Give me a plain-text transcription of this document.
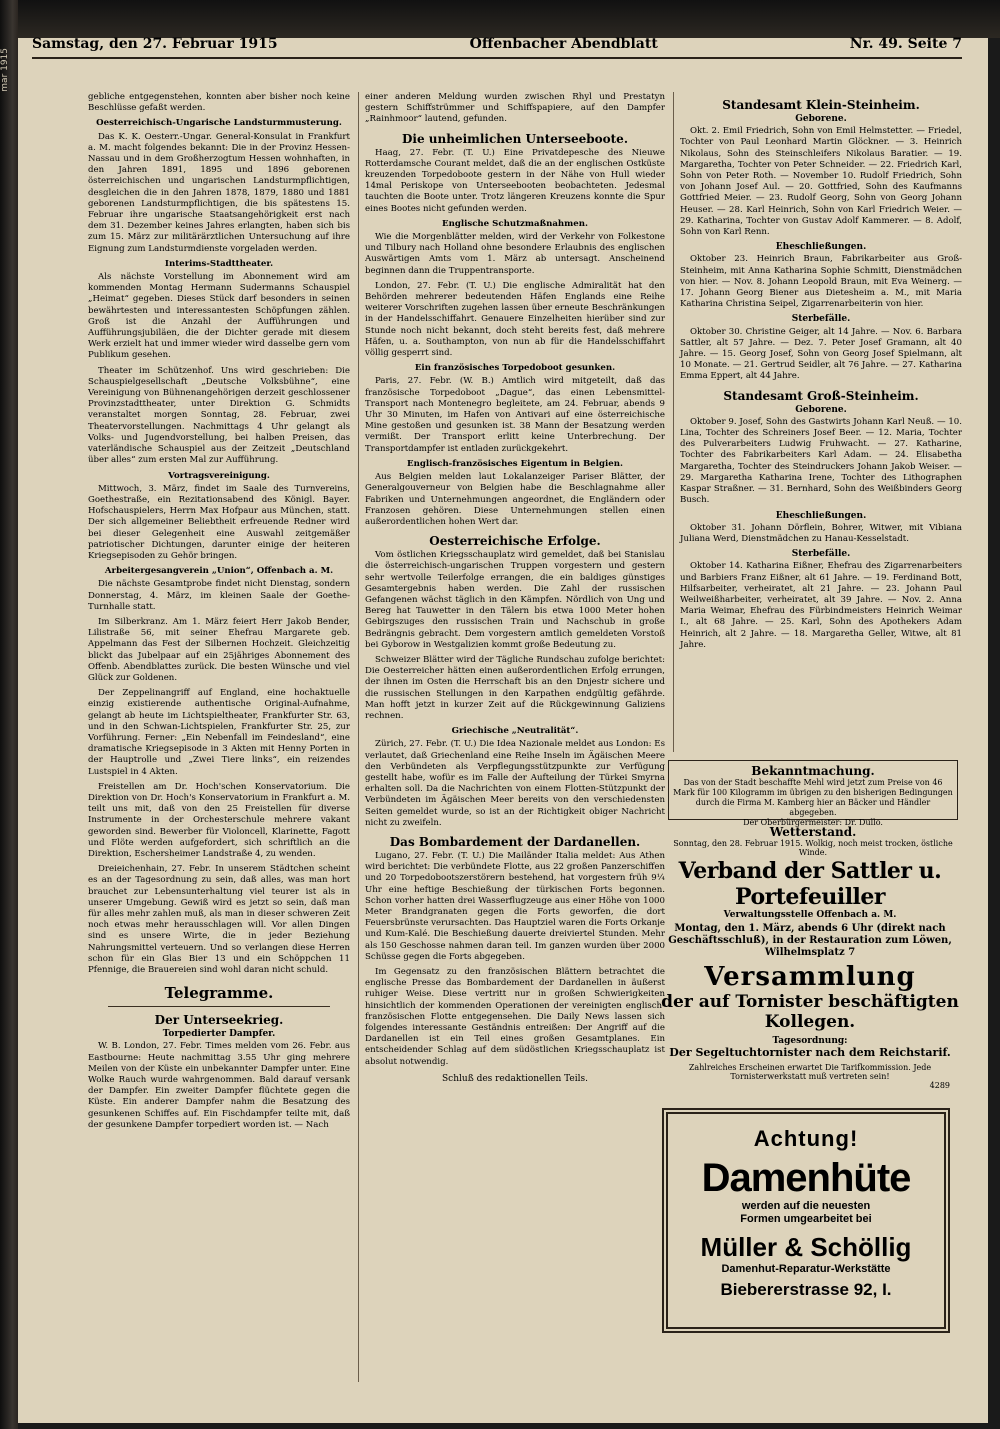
mar 1915
Samstag, den 27. Februar 1915	Offenbacher Abendblatt	Nr. 49. Seite 7

gebliche entgegenstehen, konnten aber bisher noch keine Beschlüsse gefaßt werden.

Oesterreichisch-Ungarische Landsturmmusterung.

Das K. K. Oesterr.-Ungar. General-Konsulat in Frankfurt a. M. macht folgendes bekannt: Die in der Provinz Hessen-Nassau und in dem Großherzogtum Hessen wohnhaften, in den Jahren 1891, 1895 und 1896 geborenen österreichischen und ungarischen Landsturmpflichtigen, desgleichen die in den Jahren 1878, 1879, 1880 und 1881 geborenen Landsturmpflichtigen, die bis spätestens 15. Februar ihre ungarische Staatsangehörigkeit erst nach dem 31. Dezember keines Jahres erlangten, haben sich bis zum 15. März zur militärärztlichen Untersuchung auf ihre Eignung zum Landsturmdienste vorgeladen werden.

Interims-Stadttheater.

Als nächste Vorstellung im Abonnement wird am kommenden Montag Hermann Sudermanns Schauspiel „Heimat“ gegeben. Dieses Stück darf besonders in seinen bewährtesten und interessantesten Schöpfungen zählen. Groß ist die Anzahl der Aufführungen und Aufführungsjubiläen, die der Dichter gerade mit diesem Werk erzielt hat und immer wieder wird dasselbe gern vom Publikum gesehen.

Theater im Schützenhof. Uns wird geschrieben: Die Schauspielgesellschaft „Deutsche Volksbühne“, eine Vereinigung von Bühnenangehörigen derzeit geschlossener Provinzstadttheater, unter Direktion G. Schmidts veranstaltet morgen Sonntag, 28. Februar, zwei Theatervorstellungen. Nachmittags 4 Uhr gelangt als Volks- und Jugendvorstellung, bei halben Preisen, das vaterländische Schauspiel aus der Zeitzeit „Deutschland über alles“ zum ersten Mal zur Aufführung.

Vortragsvereinigung.

Mittwoch, 3. März, findet im Saale des Turnvereins, Goethestraße, ein Rezitationsabend des Königl. Bayer. Hofschauspielers, Herrn Max Hofpaur aus München, statt. Der sich allgemeiner Beliebtheit erfreuende Redner wird bei dieser Gelegenheit eine Auswahl zeitgemäßer patriotischer Dichtungen, darunter einige der heiteren Kriegsepisoden zu Gehör bringen.

Arbeitergesangverein „Union“, Offenbach a. M.

Die nächste Gesamtprobe findet nicht Dienstag, sondern Donnerstag, 4. März, im kleinen Saale der Goethe-Turnhalle statt.

Im Silberkranz. Am 1. März feiert Herr Jakob Bender, Lilistraße 56, mit seiner Ehefrau Margarete geb. Appelmann das Fest der Silbernen Hochzeit. Gleichzeitig blickt das Jubelpaar auf ein 25jähriges Abonnement des Offenb. Abendblattes zurück. Die besten Wünsche und viel Glück zur Goldenen.

Der Zeppelinangriff auf England, eine hochaktuelle einzig existierende authentische Original-Aufnahme, gelangt ab heute im Lichtspieltheater, Frankfurter Str. 63, und in den Schwan-Lichtspielen, Frankfurter Str. 25, zur Vorführung. Ferner: „Ein Nebenfall im Feindesland“, eine dramatische Kriegsepisode in 3 Akten mit Henny Porten in der Hauptrolle und „Zwei Tiere links“, ein reizendes Lustspiel in 4 Akten.

Freistellen am Dr. Hoch'schen Konservatorium. Die Direktion von Dr. Hoch's Konservatorium in Frankfurt a. M. teilt uns mit, daß von den 25 Freistellen für diverse Instrumente in der Orchesterschule mehrere vakant geworden sind. Bewerber für Violoncell, Klarinette, Fagott und Flöte werden aufgefordert, sich schriftlich an die Direktion, Eschersheimer Landstraße 4, zu wenden.

Dreieichenhain, 27. Febr. In unserem Städtchen scheint es an der Tagesordnung zu sein, daß alles, was man hort brauchet zur Lebensunterhaltung viel teurer ist als in unserer Umgebung. Gewiß wird es jetzt so sein, daß man für alles mehr zahlen muß, als man in dieser schweren Zeit noch etwas mehr herausschlagen will. Vor allen Dingen sind es unsere Wirte, die in jeder Beziehung Nahrungsmittel verteuern. Und so verlangen diese Herren schon für ein Glas Bier 13 und ein Schöppchen 11 Pfennige, die Brauereien sind wohl daran nicht schuld.

Telegramme.
Der Unterseekrieg.
Torpedierter Dampfer.

W. B. London, 27. Febr. Times melden vom 26. Febr. aus Eastbourne: Heute nachmittag 3.55 Uhr ging mehrere Meilen von der Küste ein unbekannter Dampfer unter. Eine Wolke Rauch wurde wahrgenommen. Bald darauf versank der Dampfer. Ein zweiter Dampfer flüchtete gegen die Küste. Ein anderer Dampfer nahm die Besatzung des gesunkenen Schiffes auf. Ein Fischdampfer teilte mit, daß der gesunkene Dampfer torpediert worden ist. — Nach

einer anderen Meldung wurden zwischen Rhyl und Prestatyn gestern Schiffstrümmer und Schiffspapiere, auf den Dampfer „Rainhmoor“ lautend, gefunden.

Die unheimlichen Unterseeboote.

Haag, 27. Febr. (T. U.) Eine Privatdepesche des Nieuwe Rotterdamsche Courant meldet, daß die an der englischen Ostküste kreuzenden Torpedoboote gestern in der Nähe von Hull wieder 14mal Periskope von Unterseebooten beobachteten. Jedesmal tauchten die Boote unter. Trotz längeren Kreuzens konnte die Spur eines Bootes nicht gefunden werden.

Englische Schutzmaßnahmen.

Wie die Morgenblätter melden, wird der Verkehr von Folkestone und Tilbury nach Holland ohne besondere Erlaubnis des englischen Auswärtigen Amts vom 1. März ab untersagt. Anscheinend beginnen dann die Truppentransporte.

London, 27. Febr. (T. U.) Die englische Admiralität hat den Behörden mehrerer bedeutenden Häfen Englands eine Reihe weiterer Vorschriften zugehen lassen über erneute Beschränkungen in der Handelsschiffahrt. Genauere Einzelheiten hierüber sind zur Stunde noch nicht bekannt, doch steht bereits fest, daß mehrere Häfen, u. a. Southampton, von nun ab für die Handelsschiffahrt völlig gesperrt sind.

Ein französisches Torpedoboot gesunken.

Paris, 27. Febr. (W. B.) Amtlich wird mitgeteilt, daß das französische Torpedoboot „Dague“, das einen Lebensmittel-Transport nach Montenegro begleitete, am 24. Februar, abends 9 Uhr 30 Minuten, im Hafen von Antivari auf eine österreichische Mine gestoßen und gesunken ist. 38 Mann der Besatzung werden vermißt. Der Transport erlitt keine Unterbrechung. Der Transportdampfer ist entladen zurückgekehrt.

Englisch-französisches Eigentum in Belgien.

Aus Belgien melden laut Lokalanzeiger Pariser Blätter, der Generalgouverneur von Belgien habe die Beschlagnahme aller Fabriken und Unternehmungen angeordnet, die Engländern oder Franzosen gehören. Diese Unternehmungen stellen einen außerordentlichen hohen Wert dar.

Oesterreichische Erfolge.

Vom östlichen Kriegsschauplatz wird gemeldet, daß bei Stanislau die österreichisch-ungarischen Truppen vorgestern und gestern sehr wertvolle Teilerfolge errangen, die ein baldiges günstiges Gesamtergebnis haben werden. Die Zahl der russischen Gefangenen wächst täglich in den Kämpfen. Nördlich von Ung und Bereg hat Tauwetter in den Tälern bis etwa 1000 Meter hohen Gebirgszuges den russischen Train und Nachschub in große Bedrängnis gebracht. Dem vorgestern amtlich gemeldeten Vorstoß bei Gyborow in Westgalizien kommt große Bedeutung zu.

Schweizer Blätter wird der Tägliche Rundschau zufolge berichtet: Die Oesterreicher hätten einen außerordentlichen Erfolg errungen, der ihnen im Osten die Herrschaft bis an den Dnjestr sichere und die russischen Stellungen in den Karpathen endgültig gefährde. Man hofft jetzt in kurzer Zeit auf die Rückgewinnung Galiziens rechnen.

Griechische „Neutralität“.

Zürich, 27. Febr. (T. U.) Die Idea Nazionale meldet aus London: Es verlautet, daß Griechenland eine Reihe Inseln im Ägäischen Meere den Verbündeten als Verpflegungsstützpunkte zur Verfügung gestellt habe, wofür es im Falle der Aufteilung der Türkei Smyrna erhalten soll. Da die Nachrichten von einem Flotten-Stützpunkt der Verbündeten im Ägäischen Meer bereits von den verschiedensten Seiten gemeldet wurde, so ist an der Richtigkeit obiger Nachricht nicht zu zweifeln.

Das Bombardement der Dardanellen.

Lugano, 27. Febr. (T. U.) Die Mailänder Italia meldet: Aus Athen wird berichtet: Die verbündete Flotte, aus 22 großen Panzerschiffen und 20 Torpedobootszerstörern bestehend, hat vorgestern früh 9¼ Uhr eine heftige Beschießung der türkischen Forts begonnen. Schon vorher hatten drei Wasserflugzeuge aus einer Höhe von 1000 Meter Brandgranaten gegen die Forts geworfen, die dort Feuersbrünste verursachten. Das Hauptziel waren die Forts Orkanje und Kum-Kalé. Die Beschießung dauerte dreiviertel Stunden. Mehr als 150 Geschosse nahmen daran teil. Im ganzen wurden über 2000 Schüsse gegen die Forts abgegeben.

Im Gegensatz zu den französischen Blättern betrachtet die englische Presse das Bombardement der Dardanellen in äußerst ruhiger Weise. Diese vertritt nur in großen Schwierigkeiten hinsichtlich der kommenden Operationen der vereinigten englisch-französischen Flotte entgegensehen. Die Daily News lassen sich folgendes interessante Geständnis entreißen: Der Angriff auf die Dardanellen ist ein Teil eines großen Gesamtplanes. Ein entscheidender Schlag auf dem südöstlichen Kriegsschauplatz ist absolut notwendig.

Schluß des redaktionellen Teils.
Standesamt Klein-Steinheim.
Geborene.

Okt. 2. Emil Friedrich, Sohn von Emil Helmstetter. — Friedel, Tochter von Paul Leonhard Martin Glöckner. — 3. Heinrich Nikolaus, Sohn des Steinschleifers Nikolaus Baratier. — 19. Margaretha, Tochter von Peter Schneider. — 22. Friedrich Karl, Sohn von Peter Roth. — November 10. Rudolf Friedrich, Sohn von Johann Josef Aul. — 20. Gottfried, Sohn des Kaufmanns Gottfried Meier. — 23. Rudolf Georg, Sohn von Georg Johann Heuser. — 28. Karl Heinrich, Sohn von Karl Friedrich Weier. — 29. Katharina, Tochter von Gustav Adolf Kammerer. — 8. Adolf, Sohn von Karl Renn.

Eheschließungen.

Oktober 23. Heinrich Braun, Fabrikarbeiter aus Groß-Steinheim, mit Anna Katharina Sophie Schmitt, Dienstmädchen von hier. — Nov. 8. Johann Leopold Braun, mit Eva Weinerg. — 17. Johann Georg Biener aus Dietesheim a. M., mit Maria Katharina Christina Seipel, Zigarrenarbeiterin von hier.

Sterbefälle.

Oktober 30. Christine Geiger, alt 14 Jahre. — Nov. 6. Barbara Sattler, alt 57 Jahre. — Dez. 7. Peter Josef Gramann, alt 40 Jahre. — 15. Georg Josef, Sohn von Georg Josef Spielmann, alt 10 Monate. — 21. Gertrud Seidler, alt 76 Jahre. — 27. Katharina Emma Eppert, alt 44 Jahre.

Standesamt Groß-Steinheim.
Geborene.

Oktober 9. Josef, Sohn des Gastwirts Johann Karl Neuß. — 10. Lina, Tochter des Schreiners Josef Beer. — 12. Maria, Tochter des Pulverarbeiters Ludwig Fruhwacht. — 27. Katharine, Tochter des Fabrikarbeiters Karl Adam. — 24. Elisabetha Margaretha, Tochter des Steindruckers Johann Jakob Weiser. — 29. Margaretha Katharina Irene, Tochter des Lithographen Kaspar Straßner. — 31. Bernhard, Sohn des Weißbinders Georg Busch.

Eheschließungen.

Oktober 31. Johann Dörflein, Bohrer, Witwer, mit Vibiana Juliana Werd, Dienstmädchen zu Hanau-Kesselstadt.

Sterbefälle.

Oktober 14. Katharina Eißner, Ehefrau des Zigarrenarbeiters und Barbiers Franz Eißner, alt 61 Jahre. — 19. Ferdinand Bott, Hilfsarbeiter, verheiratet, alt 21 Jahre. — 23. Johann Paul Weilweißharbeiter, verheiratet, alt 39 Jahre. — Nov. 2. Anna Maria Weimar, Ehefrau des Fürbindmeisters Heinrich Weimar I., alt 68 Jahre. — 25. Karl, Sohn des Apothekers Adam Heinrich, alt 2 Jahre. — 18. Margaretha Geller, Witwe, alt 81 Jahre.

Bekanntmachung.
Das von der Stadt beschaffte Mehl wird jetzt zum Preise von 46 Mark für 100 Kilogramm im übrigen zu den bisherigen Bedingungen durch die Firma M. Kamberg hier an Bäcker und Händler abgegeben.
Der Oberbürgermeister: Dr. Dullo.
Wetterstand.
Sonntag, den 28. Februar 1915. Wolkig, noch meist trocken, östliche Winde.
Verband der Sattler u. Portefeuiller
Verwaltungsstelle Offenbach a. M.
Montag, den 1. März, abends 6 Uhr (direkt nach Geschäftsschluß), in der Restauration zum Löwen, Wilhelmsplatz 7
Versammlung
der auf Tornister beschäftigten Kollegen.
Tagesordnung:
Der Segeltuchtornister nach dem Reichstarif.
Zahlreiches Erscheinen erwartet Die Tarifkommission. Jede Tornisterwerkstatt muß vertreten sein!
4289
Achtung!
Damenhüte
werden auf die neuesten
Formen umgearbeitet bei
Müller & Schöllig
Damenhut-Reparatur-Werkstätte
Biebererstrasse 92, I.
